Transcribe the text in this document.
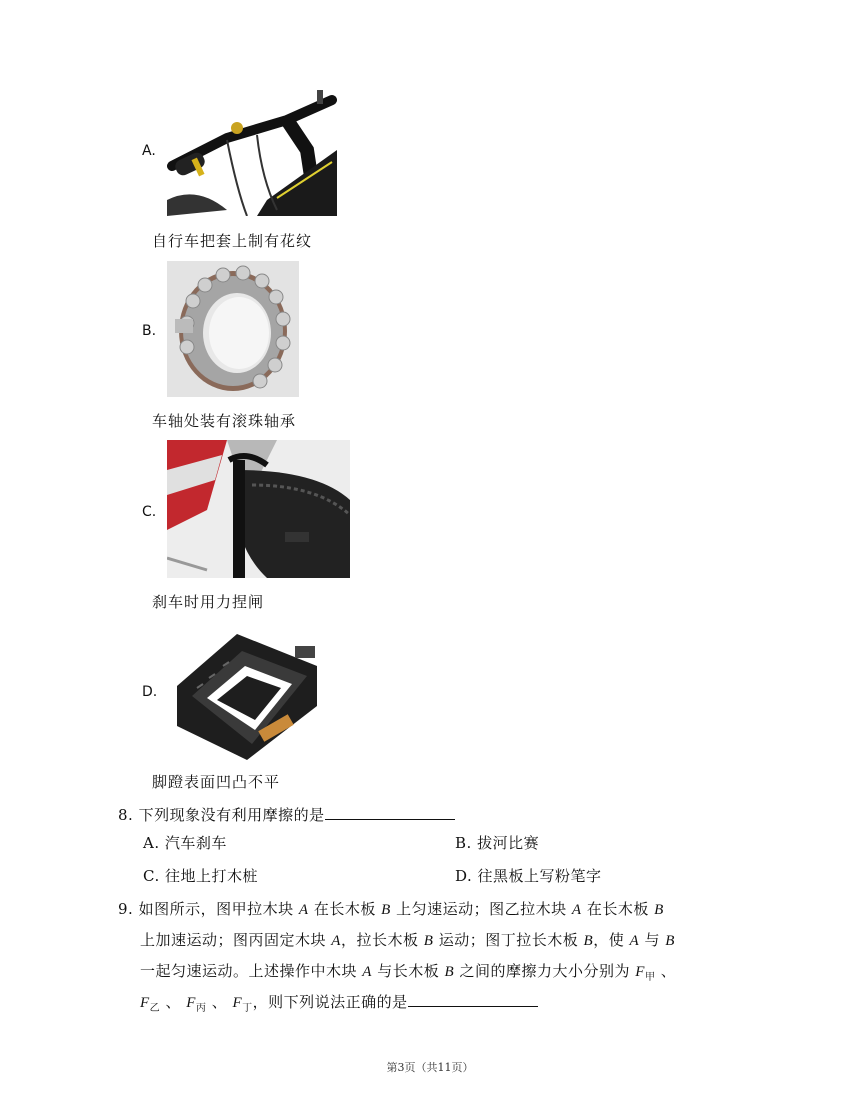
A.
自行车把套上制有花纹
B.
车轴处装有滚珠轴承
C.
刹车时用力捏闸
D.
脚蹬表面凹凸不平
8. 下列现象没有利用摩擦的是
A. 汽车刹车	B. 拔河比赛
C. 往地上打木桩	D. 往黑板上写粉笔字
9. 如图所示，图甲拉木块 A 在长木板 B 上匀速运动；图乙拉木块 A 在长木板 B
上加速运动；图丙固定木块 A，拉长木板 B 运动；图丁拉长木板 B，使 A 与 B
一起匀速运动。上述操作中木块 A 与长木板 B 之间的摩擦力大小分别为 $F_甲$ 、
$F_乙$ 、 $F_丙$ 、 $F_丁$，则下列说法正确的是
第3页（共11页）
